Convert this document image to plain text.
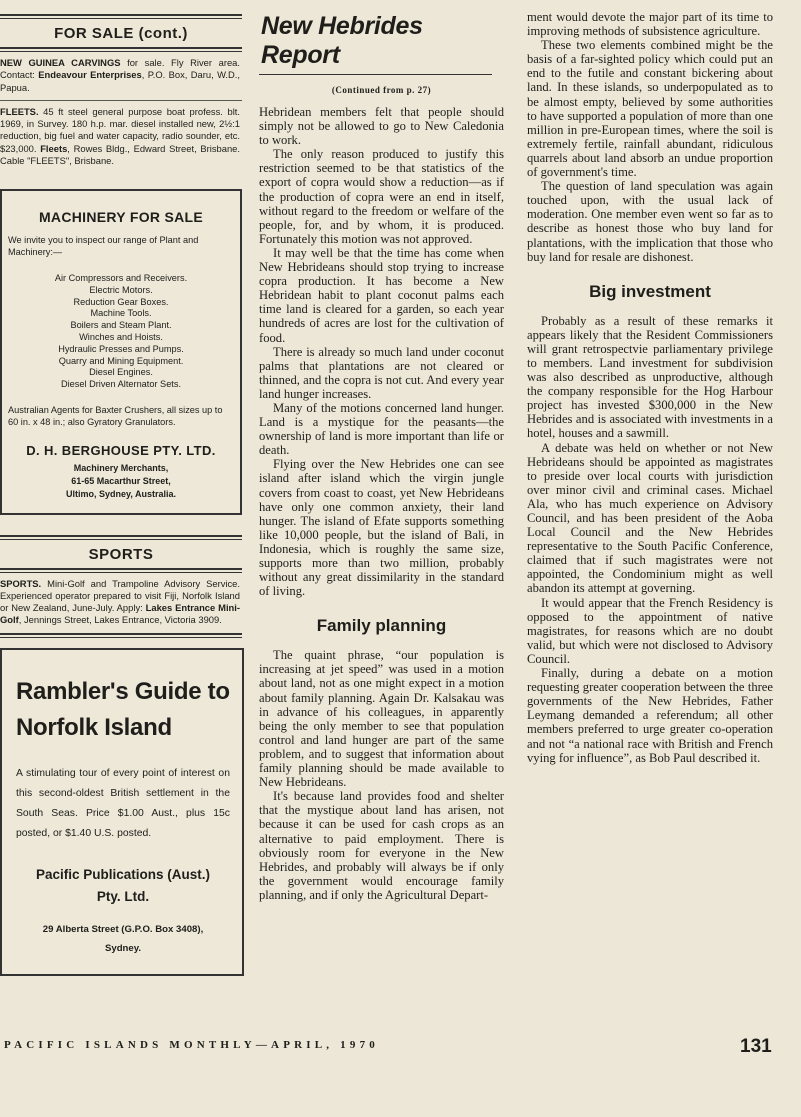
FOR SALE (cont.)

NEW GUINEA CARVINGS for sale. Fly River area. Contact: Endeavour Enterprises, P.O. Box, Daru, W.D., Papua.

FLEETS. 45 ft steel general purpose boat profess. blt. 1969, in Survey. 180 h.p. mar. diesel installed new, 2½:1 reduction, big fuel and water capacity, radio sounder, etc. $23,000. Fleets, Rowes Bldg., Edward Street, Brisbane. Cable "FLEETS", Brisbane.

MACHINERY FOR SALE

We invite you to inspect our range of Plant and Machinery:—

Air Compressors and Receivers.
Electric Motors.
Reduction Gear Boxes.
Machine Tools.
Boilers and Steam Plant.
Winches and Hoists.
Hydraulic Presses and Pumps.
Quarry and Mining Equipment.
Diesel Engines.
Diesel Driven Alternator Sets.

Australian Agents for Baxter Crushers, all sizes up to 60 in. x 48 in.; also Gyratory Granulators.

D. H. BERGHOUSE PTY. LTD.
Machinery Merchants,
61-65 Macarthur Street,
Ultimo, Sydney, Australia.
SPORTS

SPORTS. Mini-Golf and Trampoline Advisory Service. Experienced operator prepared to visit Fiji, Norfolk Island or New Zealand, June-July. Apply: Lakes Entrance Mini-Golf, Jennings Street, Lakes Entrance, Victoria 3909.

Rambler's Guide to
Norfolk Island

A stimulating tour of every point of interest on this second-oldest British settlement in the South Seas. Price $1.00 Aust., plus 15c posted, or $1.40 U.S. posted.

Pacific Publications (Aust.)
Pty. Ltd.
29 Alberta Street (G.P.O. Box 3408),
Sydney.
New Hebrides Report
(Continued from p. 27)

Hebridean members felt that people should simply not be allowed to go to New Caledonia to work.

The only reason produced to justify this restriction seemed to be that statistics of the export of copra would show a reduction—as if the production of copra were an end in itself, without regard to the freedom or welfare of the people, for, and by whom, it is produced. Fortunately this motion was not approved.

It may well be that the time has come when New Hebrideans should stop trying to increase copra production. It has become a New Hebridean habit to plant coconut palms each time land is cleared for a garden, so each year hundreds of acres are lost for the cultivation of food.

There is already so much land under coconut palms that plantations are not cleared or thinned, and the copra is not cut. And every year land hunger increases.

Many of the motions concerned land hunger. Land is a mystique for the peasants—the ownership of land is more important than life or death.

Flying over the New Hebrides one can see island after island which the virgin jungle covers from coast to coast, yet New Hebrideans have only one common anxiety, their land hunger. The island of Efate supports something like 10,000 people, but the island of Bali, in Indonesia, which is roughly the same size, supports more than two million, probably without any great dissimilarity in the standard of living.

Family planning

The quaint phrase, “our population is increasing at jet speed” was used in a motion about land, not as one might expect in a motion about family planning. Again Dr. Kalsakau was in advance of his colleagues, in apparently being the only member to see that population control and land hunger are part of the same problem, and to suggest that information about family planning should be made available to New Hebrideans.

It's because land provides food and shelter that the mystique about land has arisen, not because it can be used for cash crops as an alternative to paid employment. There is obviously room for everyone in the New Hebrides, and probably will always be if only the government would encourage family planning, and if only the Agricultural Depart-

ment would devote the major part of its time to improving methods of subsistence agriculture.

These two elements combined might be the basis of a far-sighted policy which could put an end to the futile and constant bickering about land. In these islands, so underpopulated as to be almost empty, believed by some authorities to have supported a population of more than one million in pre-European times, where the soil is extremely fertile, rainfall abundant, ridiculous quarrels about land absorb an undue proportion of government's time.

The question of land speculation was again touched upon, with the usual lack of moderation. One member even went so far as to describe as honest those who buy land for plantations, with the implication that those who buy land for resale are dishonest.

Big investment

Probably as a result of these remarks it appears likely that the Resident Commissioners will grant retrospectvie parliamentary privilege to members. Land investment for subdivision was also described as unproductive, although the company responsible for the Hog Harbour project has invested $300,000 in the New Hebrides and is associated with investments in a hotel, houses and a sawmill.

A debate was held on whether or not New Hebrideans should be appointed as magistrates to preside over local courts with jurisdiction over minor civil and criminal cases. Michael Ala, who has much experience on Advisory Council, and has been president of the Aoba Local Council and the New Hebrides representative to the South Pacific Conference, claimed that if such magistrates were not appointed, the Condominium might as well abandon its attempt at governing.

It would appear that the French Residency is opposed to the appointment of native magistrates, for reasons which are no doubt valid, but which were not disclosed to Advisory Council.

Finally, during a debate on a motion requesting greater cooperation between the three governments of the New Hebrides, Father Leymang demanded a referendum; all other members preferred to urge greater co-operation and not “a national race with British and French vying for influence”, as Bob Paul described it.

PACIFIC ISLANDS MONTHLY—APRIL, 1970	131
